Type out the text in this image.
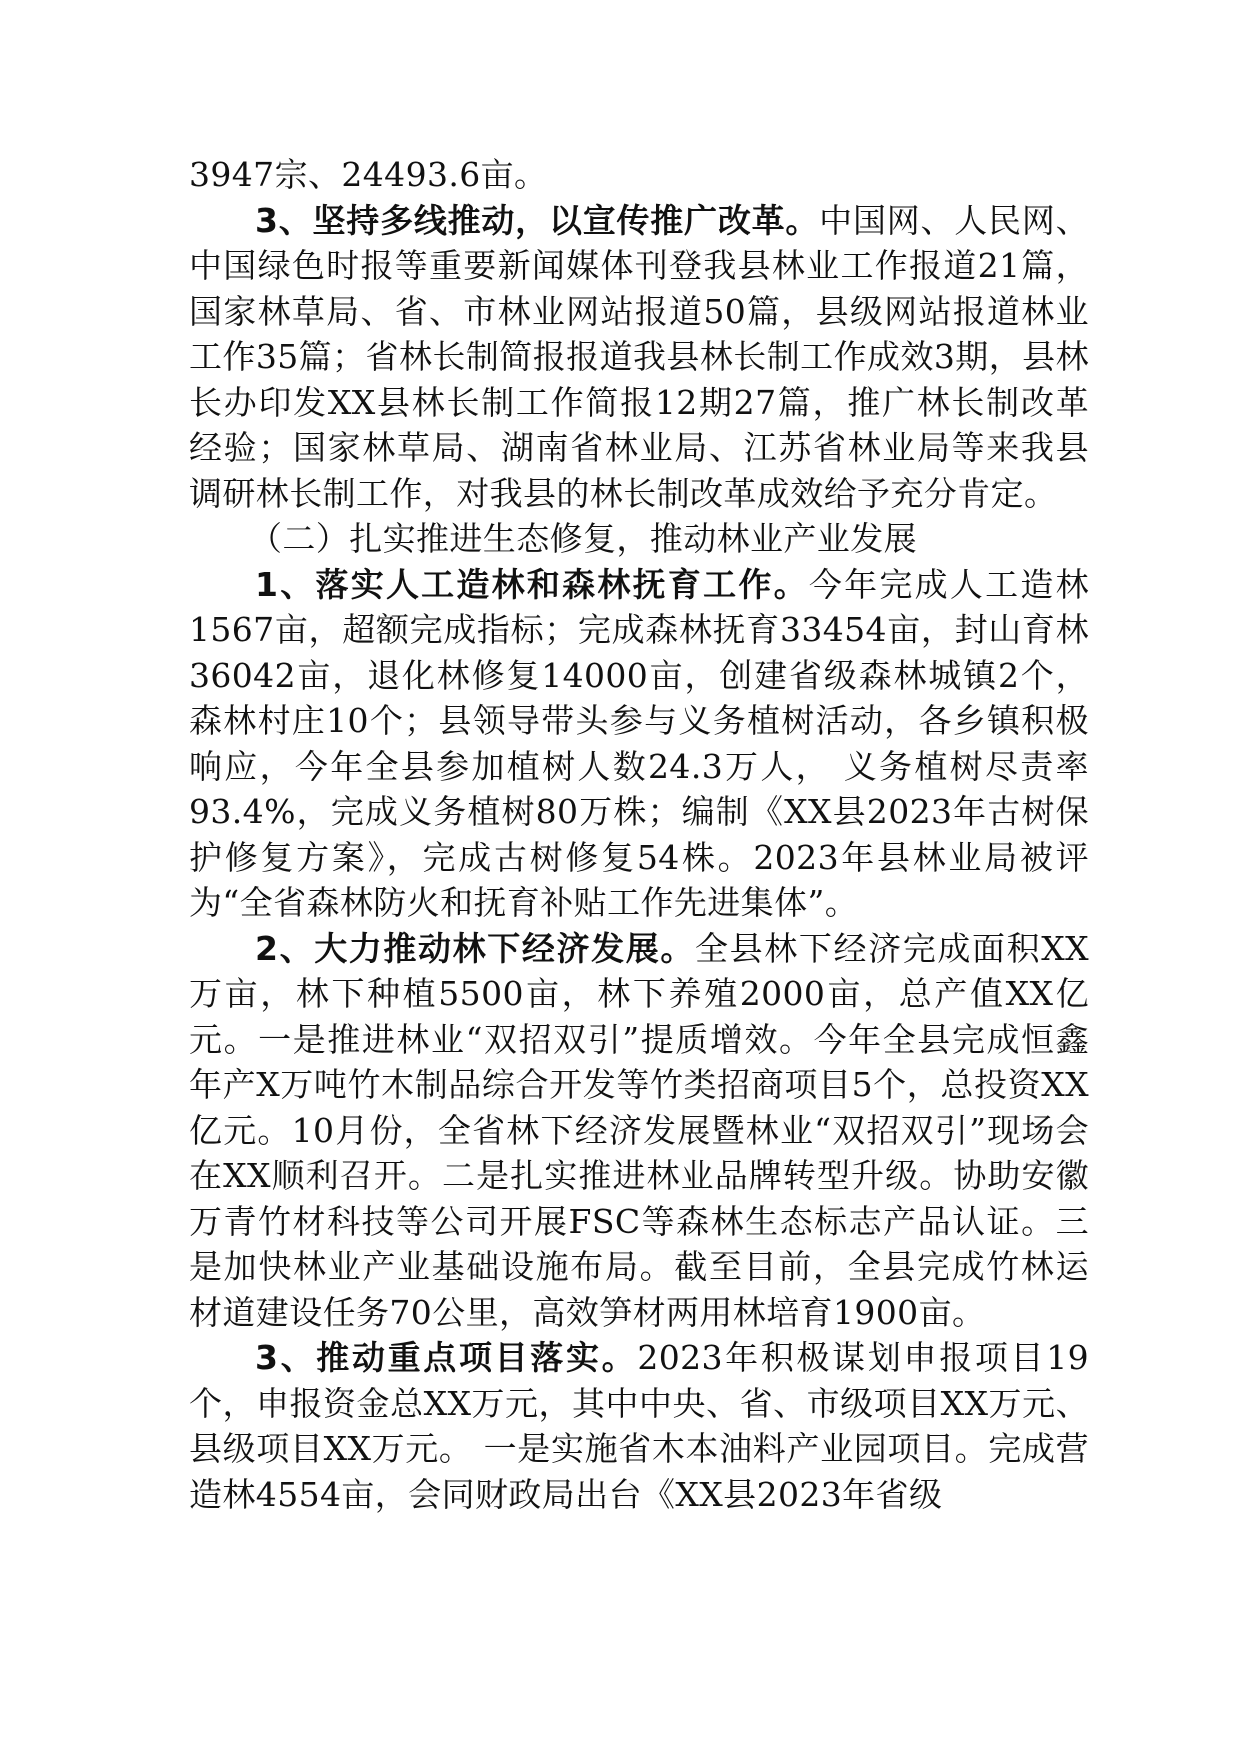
3947宗、24493.6亩。

3、坚持多线推动，以宣传推广改革。中国网、人民网、中国绿色时报等重要新闻媒体刊登我县林业工作报道21篇，国家林草局、省、市林业网站报道50篇，县级网站报道林业工作35篇；省林长制简报报道我县林长制工作成效3期，县林长办印发XX县林长制工作简报12期27篇，推广林长制改革经验；国家林草局、湖南省林业局、江苏省林业局等来我县调研林长制工作，对我县的林长制改革成效给予充分肯定。

（二）扎实推进生态修复，推动林业产业发展

1、落实人工造林和森林抚育工作。今年完成人工造林1567亩，超额完成指标；完成森林抚育33454亩，封山育林36042亩，退化林修复14000亩，创建省级森林城镇2个，森林村庄10个；县领导带头参与义务植树活动，各乡镇积极响应，今年全县参加植树人数24.3万人， 义务植树尽责率93.4%，完成义务植树80万株；编制《XX县2023年古树保护修复方案》，完成古树修复54株。2023年县林业局被评为“全省森林防火和抚育补贴工作先进集体”。

2、大力推动林下经济发展。全县林下经济完成面积XX万亩，林下种植5500亩，林下养殖2000亩，总产值XX亿元。一是推进林业“双招双引”提质增效。今年全县完成恒鑫年产X万吨竹木制品综合开发等竹类招商项目5个，总投资XX亿元。10月份，全省林下经济发展暨林业“双招双引”现场会在XX顺利召开。二是扎实推进林业品牌转型升级。协助安徽万青竹材科技等公司开展FSC等森林生态标志产品认证。三是加快林业产业基础设施布局。截至目前，全县完成竹林运材道建设任务70公里，高效笋材两用林培育1900亩。

3、推动重点项目落实。2023年积极谋划申报项目19个，申报资金总XX万元，其中中央、省、市级项目XX万元、县级项目XX万元。 一是实施省木本油料产业园项目。完成营造林4554亩，会同财政局出台《XX县2023年省级
